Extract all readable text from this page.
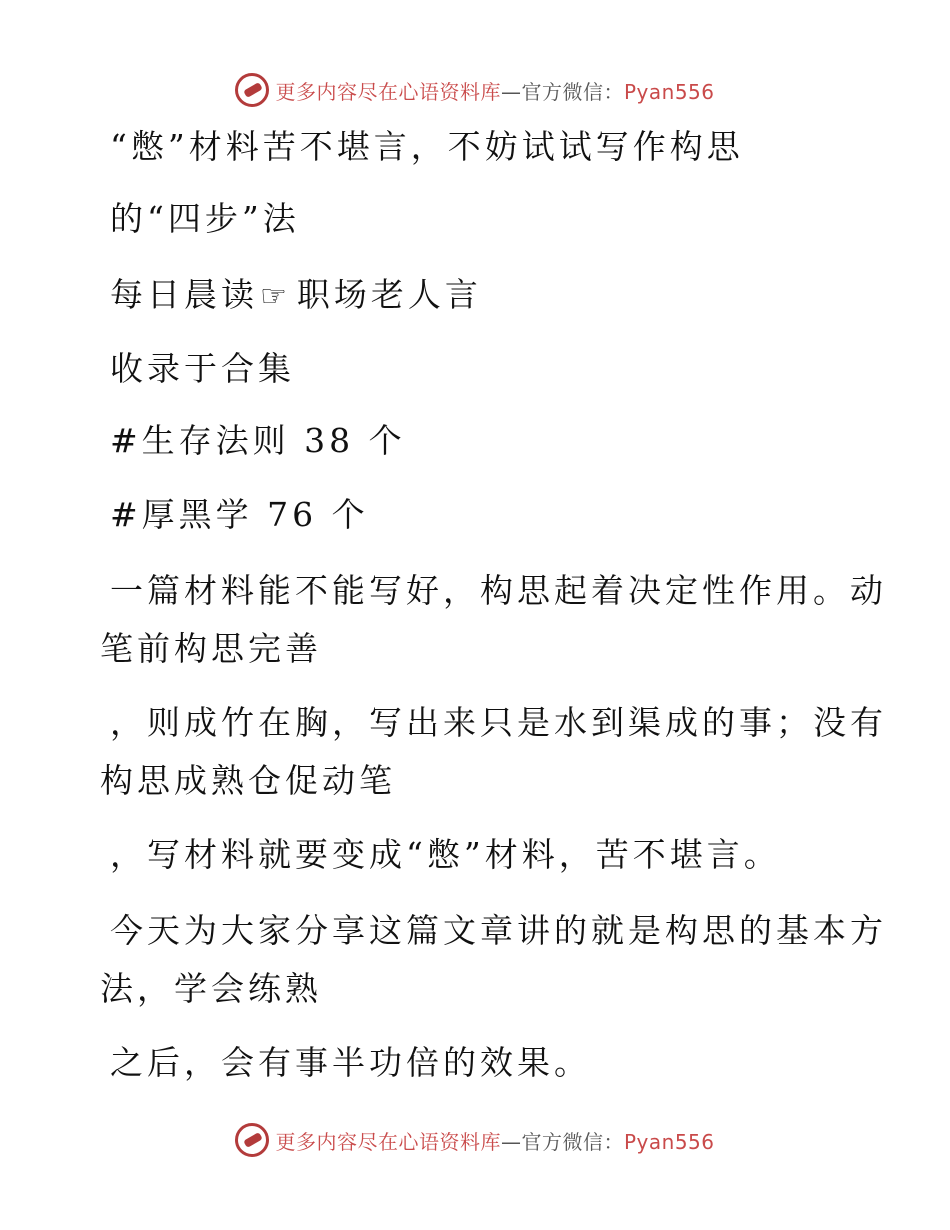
更多内容尽在心语资料库—官方微信：Pyan556
“憋”材料苦不堪言，不妨试试写作构思
的“四步”法
每日晨读☞ 职场老人言
收录于合集
#生存法则 38 个
#厚黑学 76 个
一篇材料能不能写好，构思起着决定性作用。动
笔前构思完善
，则成竹在胸，写出来只是水到渠成的事；没有
构思成熟仓促动笔
，写材料就要变成“憋”材料，苦不堪言。
今天为大家分享这篇文章讲的就是构思的基本方
法，学会练熟
之后，会有事半功倍的效果。
更多内容尽在心语资料库—官方微信：Pyan556
